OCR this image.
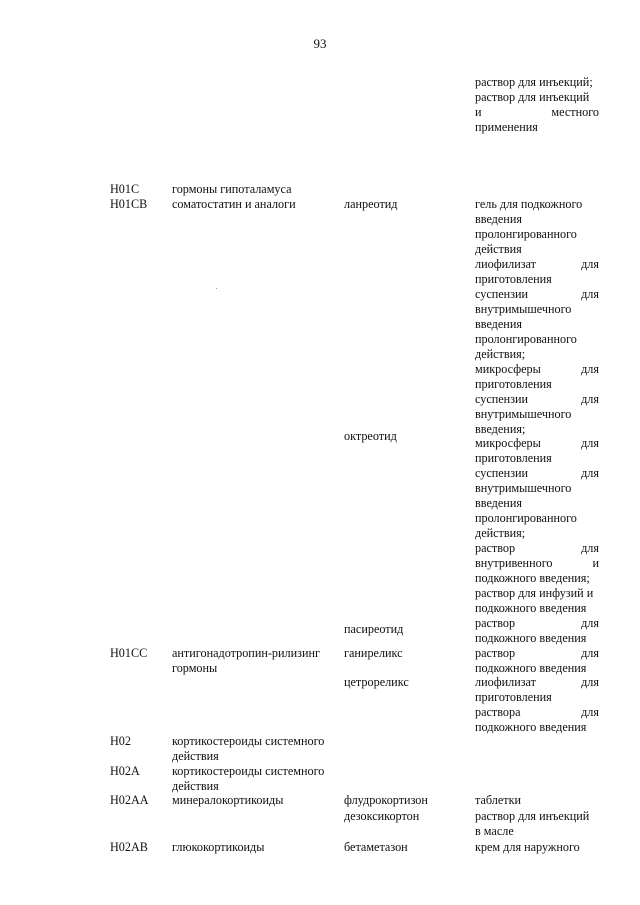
93
раствор для инъекций;
раствор для инъекций
и местного
применения
гель для подкожного
введения
пролонгированного
действия
лиофилизат для
приготовления
суспензии для
внутримышечного
введения
пролонгированного
действия;
микросферы для
приготовления
суспензии для
внутримышечного
введения;
микросферы для
приготовления
суспензии для
внутримышечного
введения
пролонгированного
действия;
раствор для
внутривенного и
подкожного введения;
раствор для инфузий и
подкожного введения
раствор для
подкожного введения
раствор для
подкожного введения
лиофилизат для
приготовления
раствора для
подкожного введения
таблетки
раствор для инъекций
в масле
крем для наружного
H01C
H01CB
H01CC
H02
H02A
H02AA
H02AB
гормоны гипоталамуса
соматостатин и аналоги
антигонадотропин-рилизинг
гормоны
кортикостероиды системного
действия
кортикостероиды системного
действия
минералокортикоиды
глюкокортикоиды
ланреотид
октреотид
пасиреотид
ганиреликс
цетрореликс
флудрокортизон
дезоксикортон
бетаметазон
